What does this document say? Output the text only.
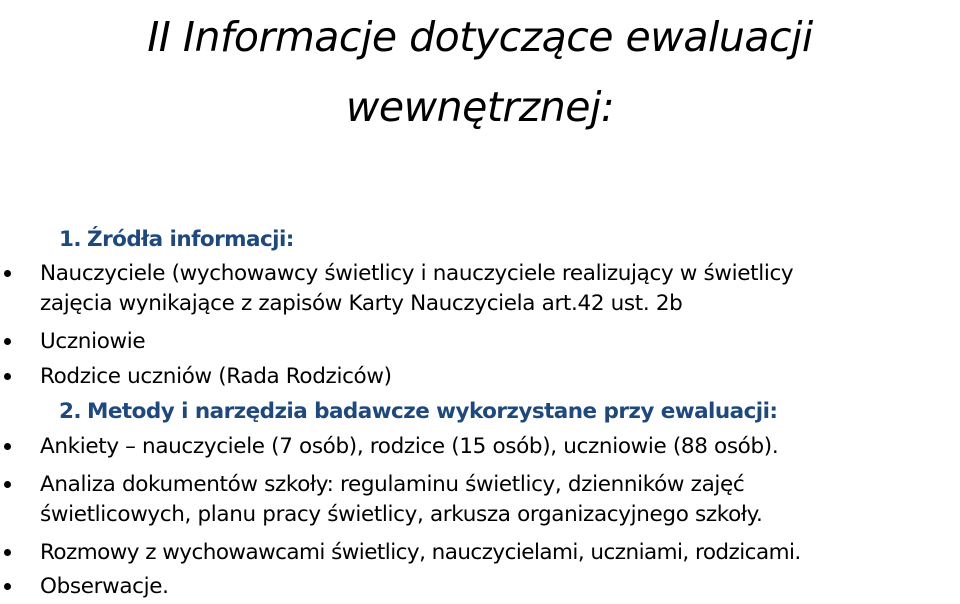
II Informacje dotyczące ewaluacji
wewnętrznej:
1. Źródła informacji:
Nauczyciele (wychowawcy świetlicy i nauczyciele realizujący w świetlicy
zajęcia wynikające z zapisów Karty Nauczyciela art.42 ust. 2b
Uczniowie
Rodzice uczniów (Rada Rodziców)
2. Metody i narzędzia badawcze wykorzystane przy ewaluacji:
Ankiety – nauczyciele (7 osób), rodzice (15 osób), uczniowie (88 osób).
Analiza dokumentów szkoły: regulaminu świetlicy, dzienników zajęć
świetlicowych, planu pracy świetlicy, arkusza organizacyjnego szkoły.
Rozmowy z wychowawcami świetlicy, nauczycielami, uczniami, rodzicami.
Obserwacje.
